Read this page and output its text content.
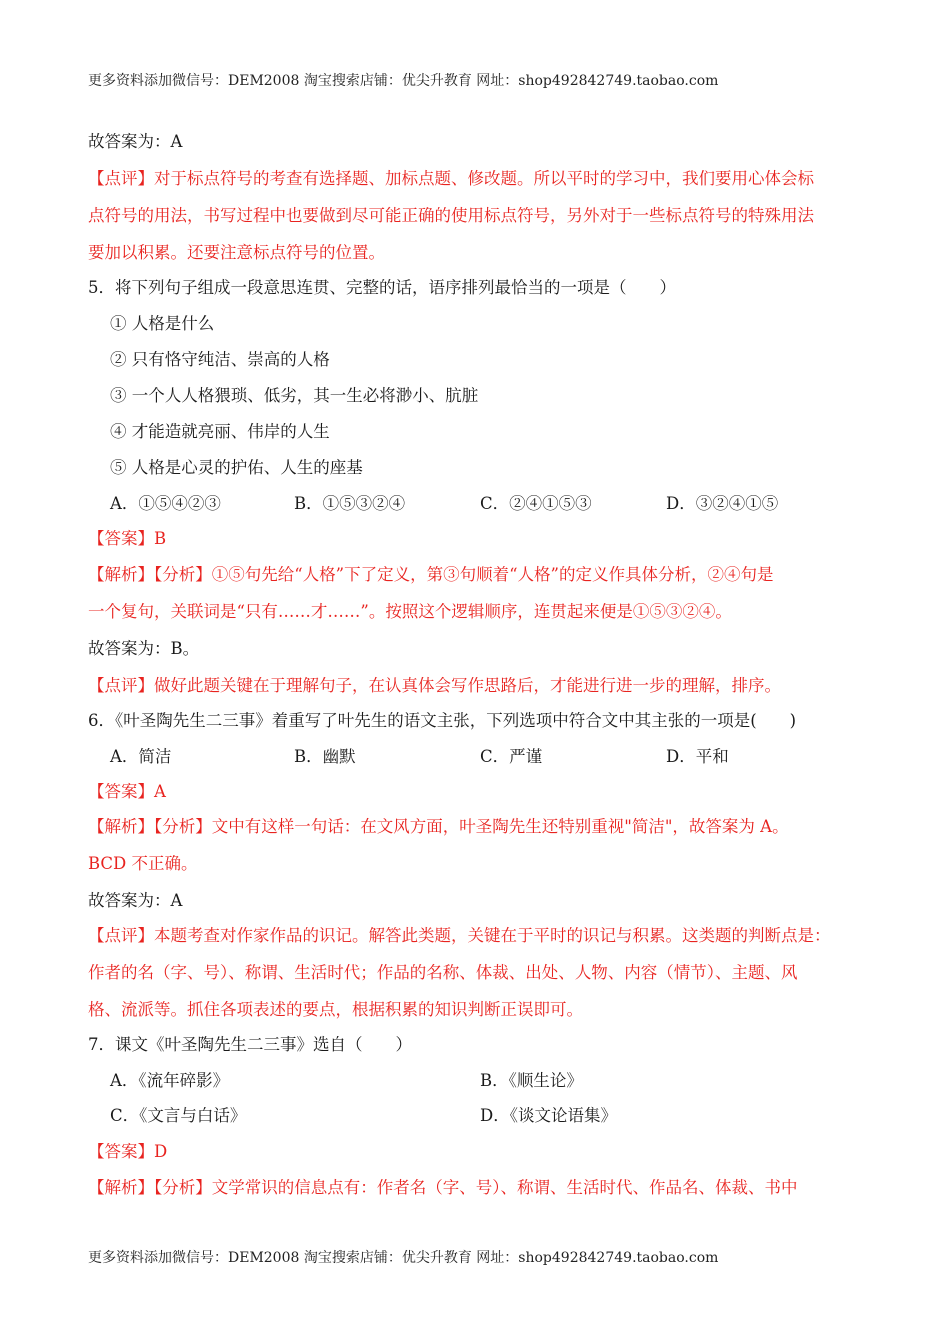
更多资料添加微信号：DEM2008 淘宝搜索店铺：优尖升教育 网址：shop492842749.taobao.com
故答案为：A
【点评】对于标点符号的考查有选择题、加标点题、修改题。所以平时的学习中，我们要用心体会标
点符号的用法，书写过程中也要做到尽可能正确的使用标点符号，另外对于一些标点符号的特殊用法
要加以积累。还要注意标点符号的位置。
5．将下列句子组成一段意思连贯、完整的话，语序排列最恰当的一项是（　　）
① 人格是什么
② 只有恪守纯洁、崇高的人格
③ 一个人人格猥琐、低劣，其一生必将渺小、肮脏
④ 才能造就亮丽、伟岸的人生
⑤ 人格是心灵的护佑、人生的座基
A．①⑤④②③	B．①⑤③②④	C．②④①⑤③	D．③②④①⑤
【答案】B
【解析】【分析】①⑤句先给“人格”下了定义，第③句顺着“人格”的定义作具体分析，②④句是
一个复句，关联词是“只有……才……”。按照这个逻辑顺序，连贯起来便是①⑤③②④。
故答案为：B。
【点评】做好此题关键在于理解句子，在认真体会写作思路后，才能进行进一步的理解，排序。
6．《叶圣陶先生二三事》着重写了叶先生的语文主张，下列选项中符合文中其主张的一项是(　　)
A．简洁	B．幽默	C．严谨	D．平和
【答案】A
【解析】【分析】文中有这样一句话：在文风方面，叶圣陶先生还特别重视"简洁"，故答案为 A。
BCD 不正确。
故答案为：A
【点评】本题考查对作家作品的识记。解答此类题，关键在于平时的识记与积累。这类题的判断点是：
作者的名（字、号）、称谓、生活时代；作品的名称、体裁、出处、人物、内容（情节）、主题、风
格、流派等。抓住各项表述的要点，根据积累的知识判断正误即可。
7．课文《叶圣陶先生二三事》选自（　　）
A．《流年碎影》	B．《顺生论》
C．《文言与白话》	D．《谈文论语集》
【答案】D
【解析】【分析】文学常识的信息点有：作者名（字、号）、称谓、生活时代、作品名、体裁、书中
更多资料添加微信号：DEM2008 淘宝搜索店铺：优尖升教育 网址：shop492842749.taobao.com
